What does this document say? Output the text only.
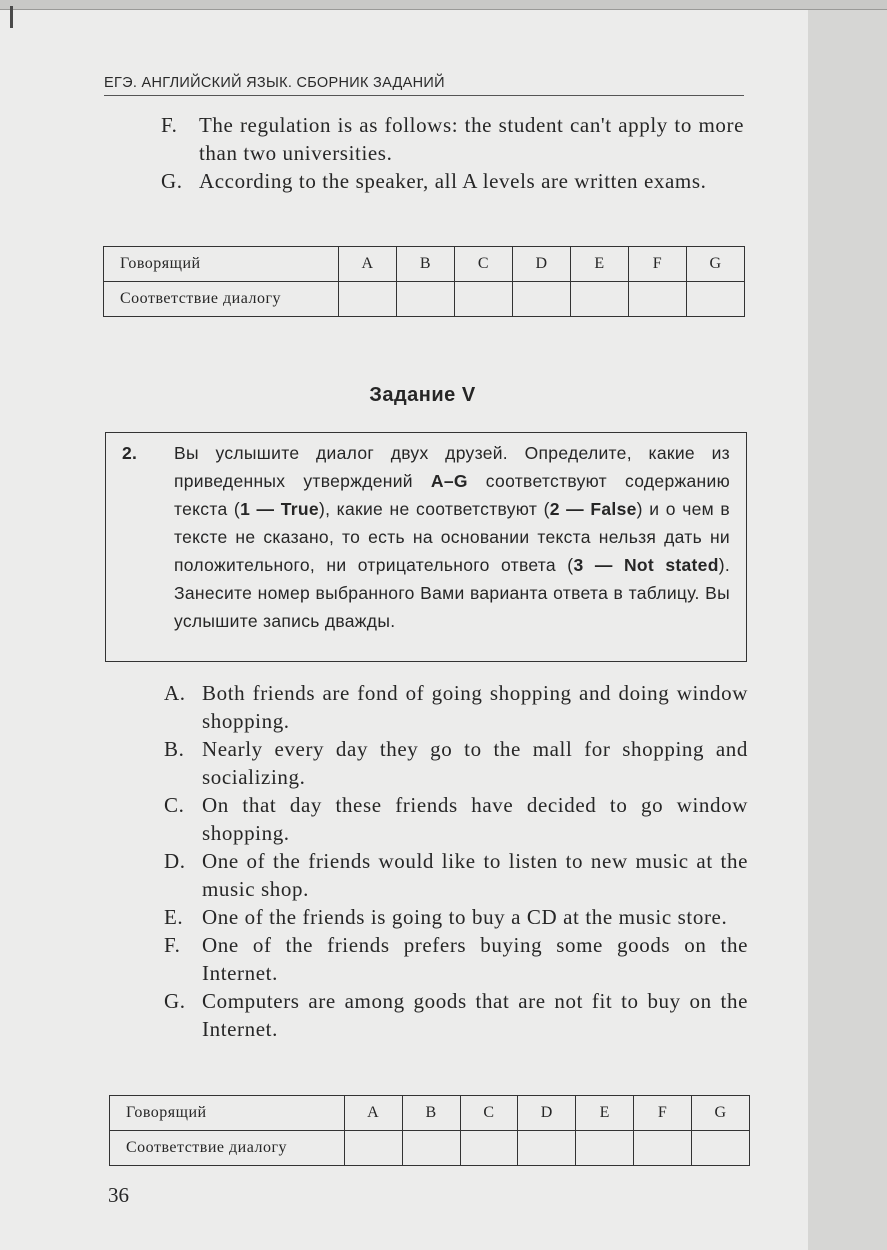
ЕГЭ. АНГЛИЙСКИЙ ЯЗЫК. СБОРНИК ЗАДАНИЙ
F. The regulation is as follows: the student can't apply to more than two universities.
G. According to the speaker, all A levels are written exams.
Говорящий	A	B	C	D	E	F	G
Соответствие диалогу							
Задание V
2. Вы услышите диалог двух друзей. Определите, какие из приведенных утверждений A–G соответствуют содержанию текста (1 — True), какие не соответствуют (2 — False) и о чем в тексте не сказано, то есть на основании текста нельзя дать ни положительного, ни отрицательного ответа (3 — Not stated). Занесите номер выбранного Вами варианта ответа в таблицу. Вы услышите запись дважды.
A. Both friends are fond of going shopping and doing window shopping.
B. Nearly every day they go to the mall for shopping and socializing.
C. On that day these friends have decided to go window shopping.
D. One of the friends would like to listen to new music at the music shop.
E. One of the friends is going to buy a CD at the music store.
F. One of the friends prefers buying some goods on the Internet.
G. Computers are among goods that are not fit to buy on the Internet.
Говорящий	A	B	C	D	E	F	G
Соответствие диалогу							
36
